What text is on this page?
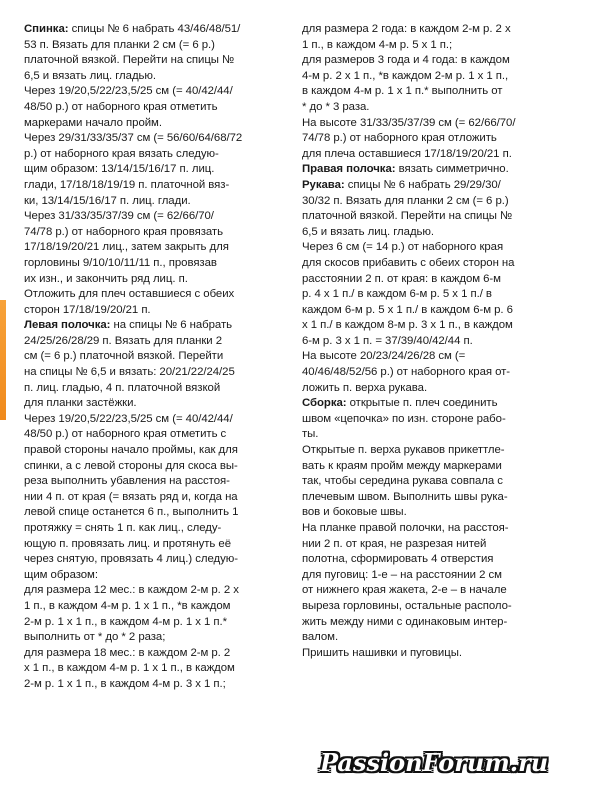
Спинка: спицы № 6 набрать 43/46/48/51/
53 п. Вязать для планки 2 см (= 6 р.)
платочной вязкой. Перейти на спицы №
6,5 и вязать лиц. гладью.

Через 19/20,5/22/23,5/25 см (= 40/42/44/
48/50 р.) от наборного края отметить
маркерами начало пройм.

Через 29/31/33/35/37 см (= 56/60/64/68/72
р.) от наборного края вязать следую-
щим образом: 13/14/15/16/17 п. лиц.
глади, 17/18/18/19/19 п. платочной вяз-
ки, 13/14/15/16/17 п. лиц. глади.

Через 31/33/35/37/39 см (= 62/66/70/
74/78 р.) от наборного края провязать
17/18/19/20/21 лиц., затем закрыть для
горловины 9/10/10/11/11 п., провязав
их изн., и закончить ряд лиц. п.

Отложить для плеч оставшиеся с обеих
сторон 17/18/19/20/21 п.

Левая полочка: на спицы № 6 набрать
24/25/26/28/29 п. Вязать для планки 2
см (= 6 р.) платочной вязкой. Перейти
на спицы № 6,5 и вязать: 20/21/22/24/25
п. лиц. гладью, 4 п. платочной вязкой
для планки застёжки.

Через 19/20,5/22/23,5/25 см (= 40/42/44/
48/50 р.) от наборного края отметить с
правой стороны начало проймы, как для
спинки, а с левой стороны для скоса вы-
реза выполнить убавления на расстоя-
нии 4 п. от края (= вязать ряд и, когда на
левой спице останется 6 п., выполнить 1
протяжку = снять 1 п. как лиц., следу-
ющую п. провязать лиц. и протянуть её
через снятую, провязать 4 лиц.) следую-
щим образом:

для размера 12 мес.: в каждом 2-м р. 2 х
1 п., в каждом 4-м р. 1 х 1 п., *в каждом
2-м р. 1 х 1 п., в каждом 4-м р. 1 х 1 п.*
выполнить от * до * 2 раза;

для размера 18 мес.: в каждом 2-м р. 2
х 1 п., в каждом 4-м р. 1 х 1 п., в каждом
2-м р. 1 х 1 п., в каждом 4-м р. 3 х 1 п.;

для размера 2 года: в каждом 2-м р. 2 х
1 п., в каждом 4-м р. 5 х 1 п.;

для размеров 3 года и 4 года: в каждом
4-м р. 2 х 1 п., *в каждом 2-м р. 1 х 1 п.,
в каждом 4-м р. 1 х 1 п.* выполнить от
* до * 3 раза.

На высоте 31/33/35/37/39 см (= 62/66/70/
74/78 р.) от наборного края отложить
для плеча оставшиеся 17/18/19/20/21 п.

Правая полочка: вязать симметрично.

Рукава: спицы № 6 набрать 29/29/30/
30/32 п. Вязать для планки 2 см (= 6 р.)
платочной вязкой. Перейти на спицы №
6,5 и вязать лиц. гладью.

Через 6 см (= 14 р.) от наборного края
для скосов прибавить с обеих сторон на
расстоянии 2 п. от края: в каждом 6-м
р. 4 х 1 п./ в каждом 6-м р. 5 х 1 п./ в
каждом 6-м р. 5 х 1 п./ в каждом 6-м р. 6
х 1 п./ в каждом 8-м р. 3 х 1 п., в каждом
6-м р. 3 х 1 п. = 37/39/40/42/44 п.

На высоте 20/23/24/26/28 см (=
40/46/48/52/56 р.) от наборного края от-
ложить п. верха рукава.

Сборка: открытые п. плеч соединить
швом «цепочка» по изн. стороне рабо-
ты.

Открытые п. верха рукавов прикеттле-
вать к краям пройм между маркерами
так, чтобы середина рукава совпала с
плечевым швом. Выполнить швы рука-
вов и боковые швы.

На планке правой полочки, на расстоя-
нии 2 п. от края, не разрезая нитей
полотна, сформировать 4 отверстия
для пуговиц: 1-е – на расстоянии 2 см
от нижнего края жакета, 2-е – в начале
выреза горловины, остальные располо-
жить между ними с одинаковым интер-
валом.

Пришить нашивки и пуговицы.

PassionForum.ru
